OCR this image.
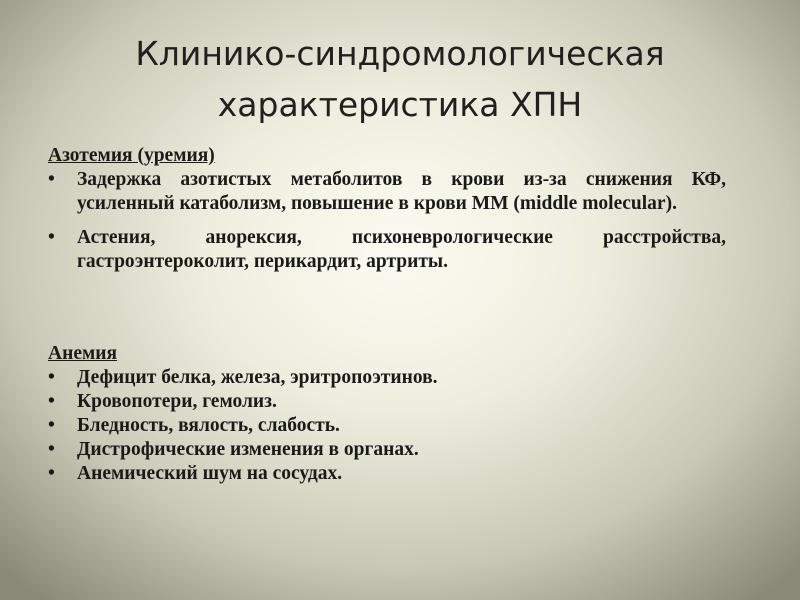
Клинико-синдромологическая
характеристика ХПН

Азотемия (уремия)

• Задержка азотистых метаболитов в крови из-за снижения КФ, усиленный катаболизм, повышение в крови ММ (middle molecular).
• Астения, анорексия, психоневрологические расстройства, гастроэнтероколит, перикардит, артриты.

Анемия

• Дефицит белка, железа, эритропоэтинов.
• Кровопотери, гемолиз.
• Бледность, вялость, слабость.
• Дистрофические изменения в органах.
• Анемический шум на сосудах.
